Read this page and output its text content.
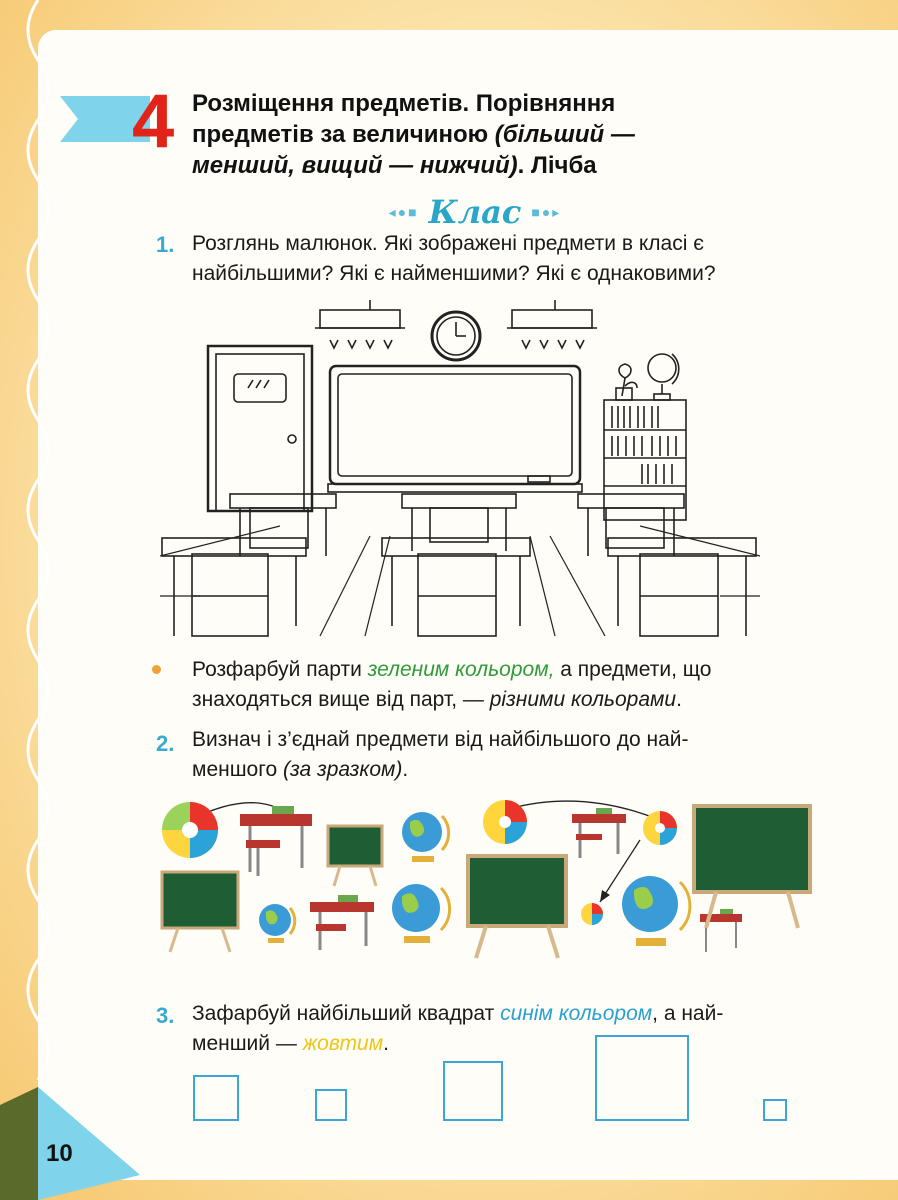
4 Розміщення предметів. Порівняння
предметів за величиною (більший —
менший, вищий — нижчий). Лічба
◂●■ Клас ■●▸
1. Розглянь малюнок. Які зображені предмети в класі є
найбільшими? Які є найменшими? Які є однаковими?
Розфарбуй парти зеленим кольором, а предмети, що
знаходяться вище від парт, — різними кольорами.
2. Визнач і з’єднай предмети від найбільшого до най-
меншого (за зразком).
3. Зафарбуй найбільший квадрат синім кольором, а най-
менший — жовтим.
10
